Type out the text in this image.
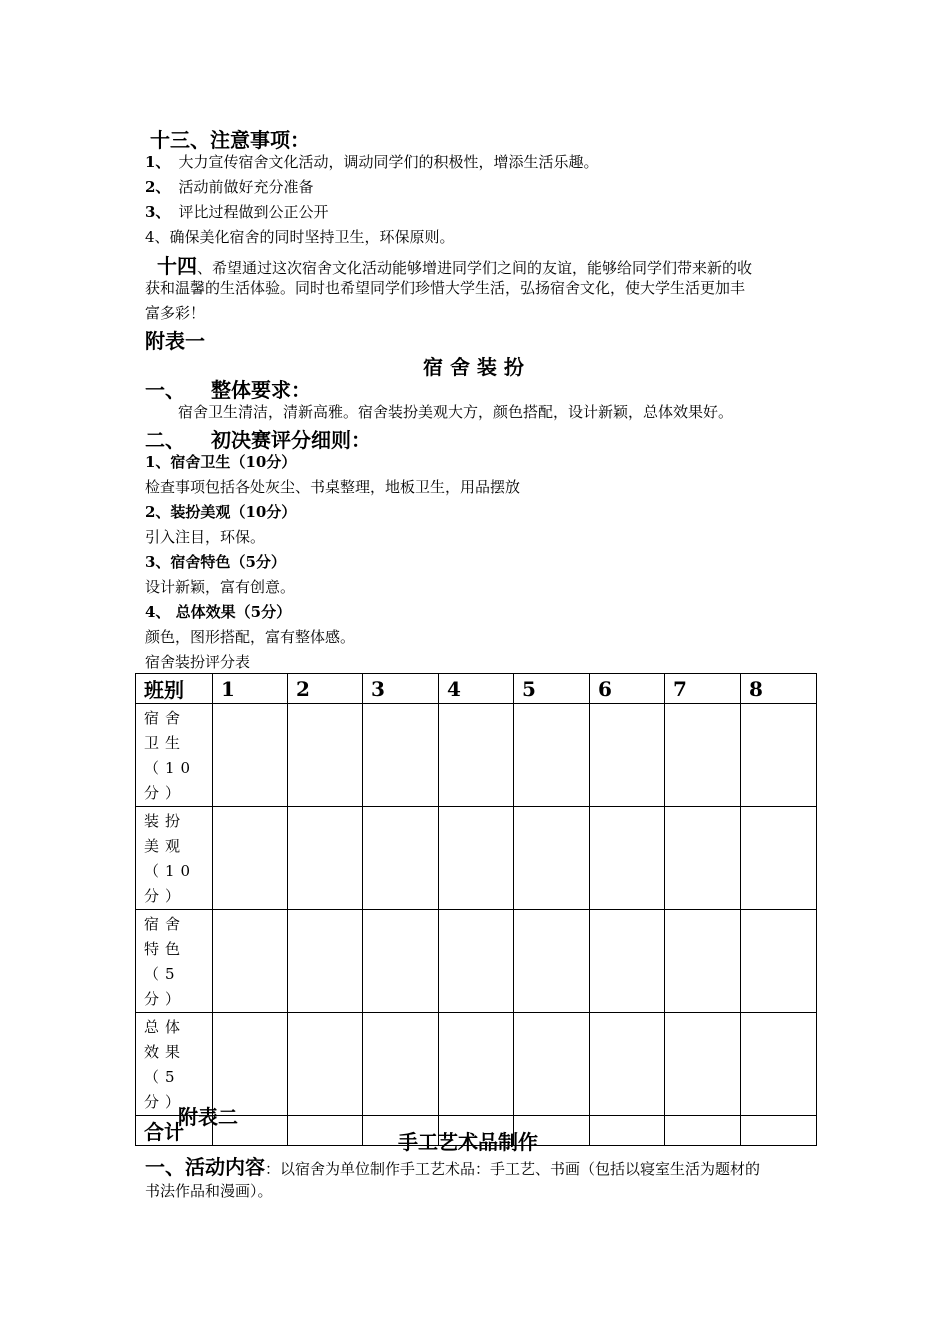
十三、注意事项：
1、 大力宣传宿舍文化活动，调动同学们的积极性，增添生活乐趣。
2、 活动前做好充分准备
3、 评比过程做到公正公开
4、确保美化宿舍的同时坚持卫生，环保原则。
十四、希望通过这次宿舍文化活动能够增进同学们之间的友谊，能够给同学们带来新的收
获和温馨的生活体验。同时也希望同学们珍惜大学生活，弘扬宿舍文化，使大学生活更加丰
富多彩！
附表一
宿 舍 装 扮
一、 整体要求：
宿舍卫生清洁，清新高雅。宿舍装扮美观大方，颜色搭配，设计新颖，总体效果好。
二、 初决赛评分细则：
1、宿舍卫生（10分）
检查事项包括各处灰尘、书桌整理，地板卫生，用品摆放
2、装扮美观（10分）
引入注目，环保。
3、宿舍特色（5分）
设计新颖，富有创意。
4、 总体效果（5分）
颜色，图形搭配，富有整体感。
宿舍装扮评分表
班别	1	2	3	4	5	6	7	8
宿舍卫生（10分）								
装扮美观（10分）								
宿舍特色（5分）								
总体效果（5分）								
合计								
附表二
手工艺术品制作
一、活动内容：以宿舍为单位制作手工艺术品：手工艺、书画（包括以寝室生活为题材的
书法作品和漫画）。
